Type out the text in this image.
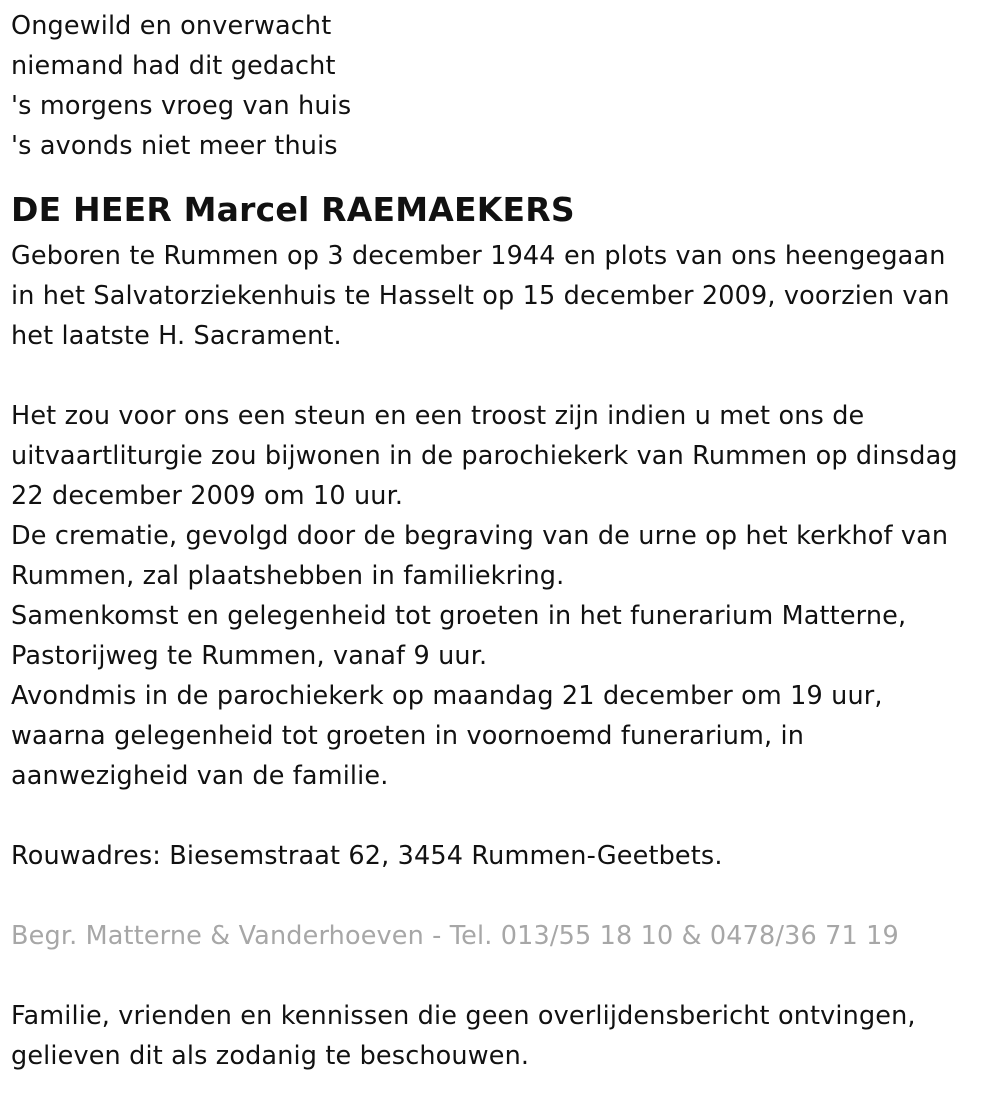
Ongewild en onverwacht
niemand had dit gedacht
's morgens vroeg van huis
's avonds niet meer thuis
DE HEER Marcel RAEMAEKERS
Geboren te Rummen op 3 december 1944 en plots van ons heengegaan
in het Salvatorziekenhuis te Hasselt op 15 december 2009, voorzien van
het laatste H. Sacrament.
Het zou voor ons een steun en een troost zijn indien u met ons de
uitvaartliturgie zou bijwonen in de parochiekerk van Rummen op dinsdag
22 december 2009 om 10 uur.
De crematie, gevolgd door de begraving van de urne op het kerkhof van
Rummen, zal plaatshebben in familiekring.
Samenkomst en gelegenheid tot groeten in het funerarium Matterne,
Pastorijweg te Rummen, vanaf 9 uur.
Avondmis in de parochiekerk op maandag 21 december om 19 uur,
waarna gelegenheid tot groeten in voornoemd funerarium, in
aanwezigheid van de familie.
Rouwadres: Biesemstraat 62, 3454 Rummen-Geetbets.
Begr. Matterne & Vanderhoeven - Tel. 013/55 18 10 & 0478/36 71 19
Familie, vrienden en kennissen die geen overlijdensbericht ontvingen,
gelieven dit als zodanig te beschouwen.
